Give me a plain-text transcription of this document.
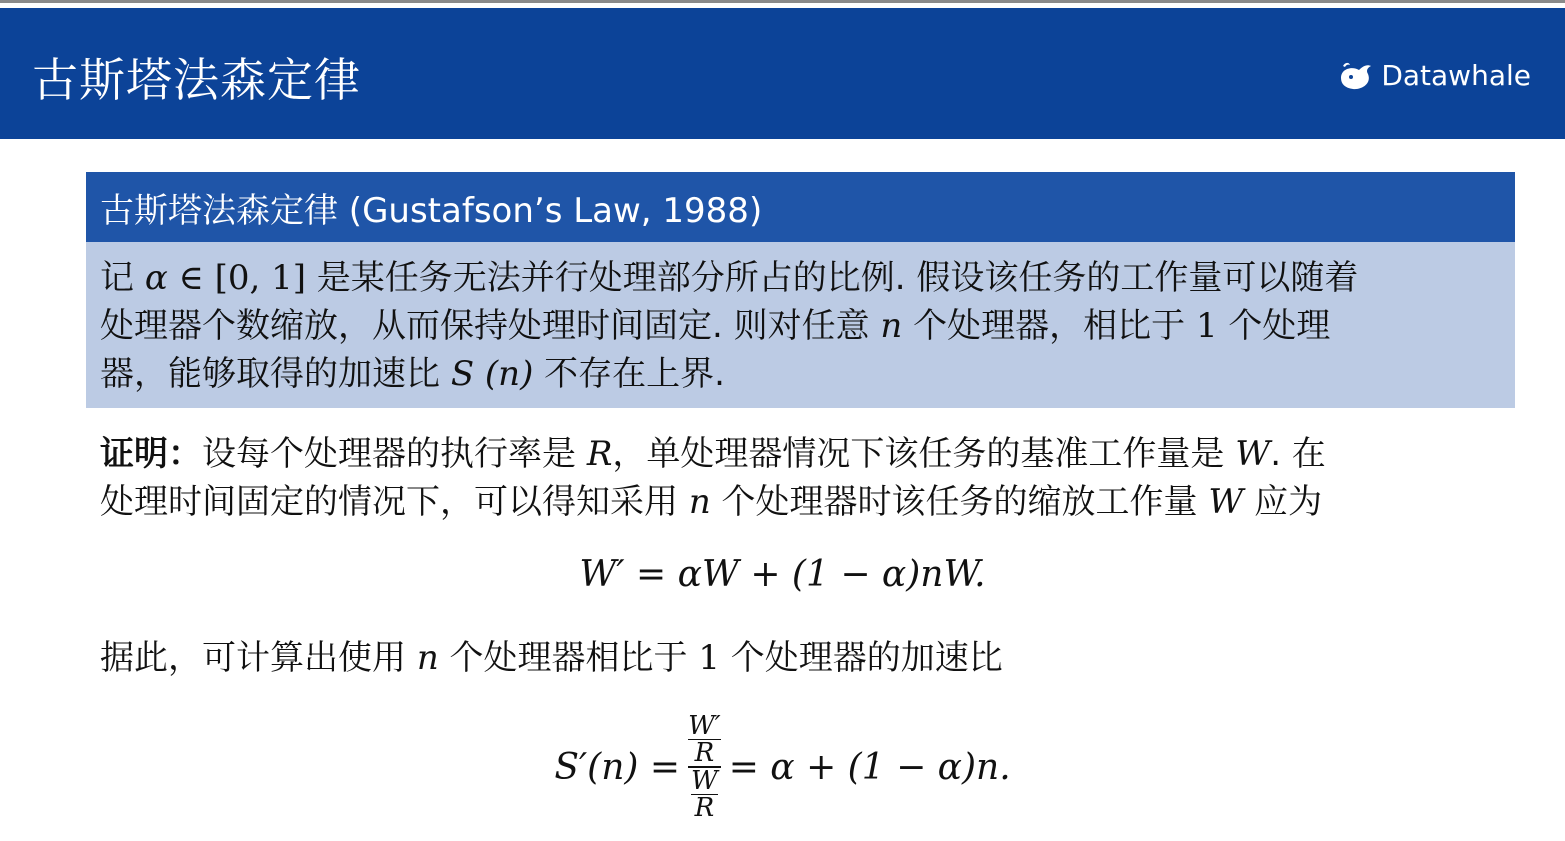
古斯塔法森定律	Datawhale
古斯塔法森定律 (Gustafson’s Law, 1988)

记 α ∈ [0, 1] 是某任务无法并行处理部分所占的比例. 假设该任务的工作量可以随着

处理器个数缩放，从而保持处理时间固定. 则对任意 n 个处理器，相比于 1 个处理

器，能够取得的加速比 S (n) 不存在上界.

证明：设每个处理器的执行率是 R，单处理器情况下该任务的基准工作量是 W. 在

处理时间固定的情况下，可以得知采用 n 个处理器时该任务的缩放工作量 W 应为

W′ = αW + (1 − α)nW.

据此，可计算出使用 n 个处理器相比于 1 个处理器的加速比

$S'(n) = \frac{\frac{W'}{R}}{\frac{W}{R}} = \alpha + (1 - \alpha)n$.
